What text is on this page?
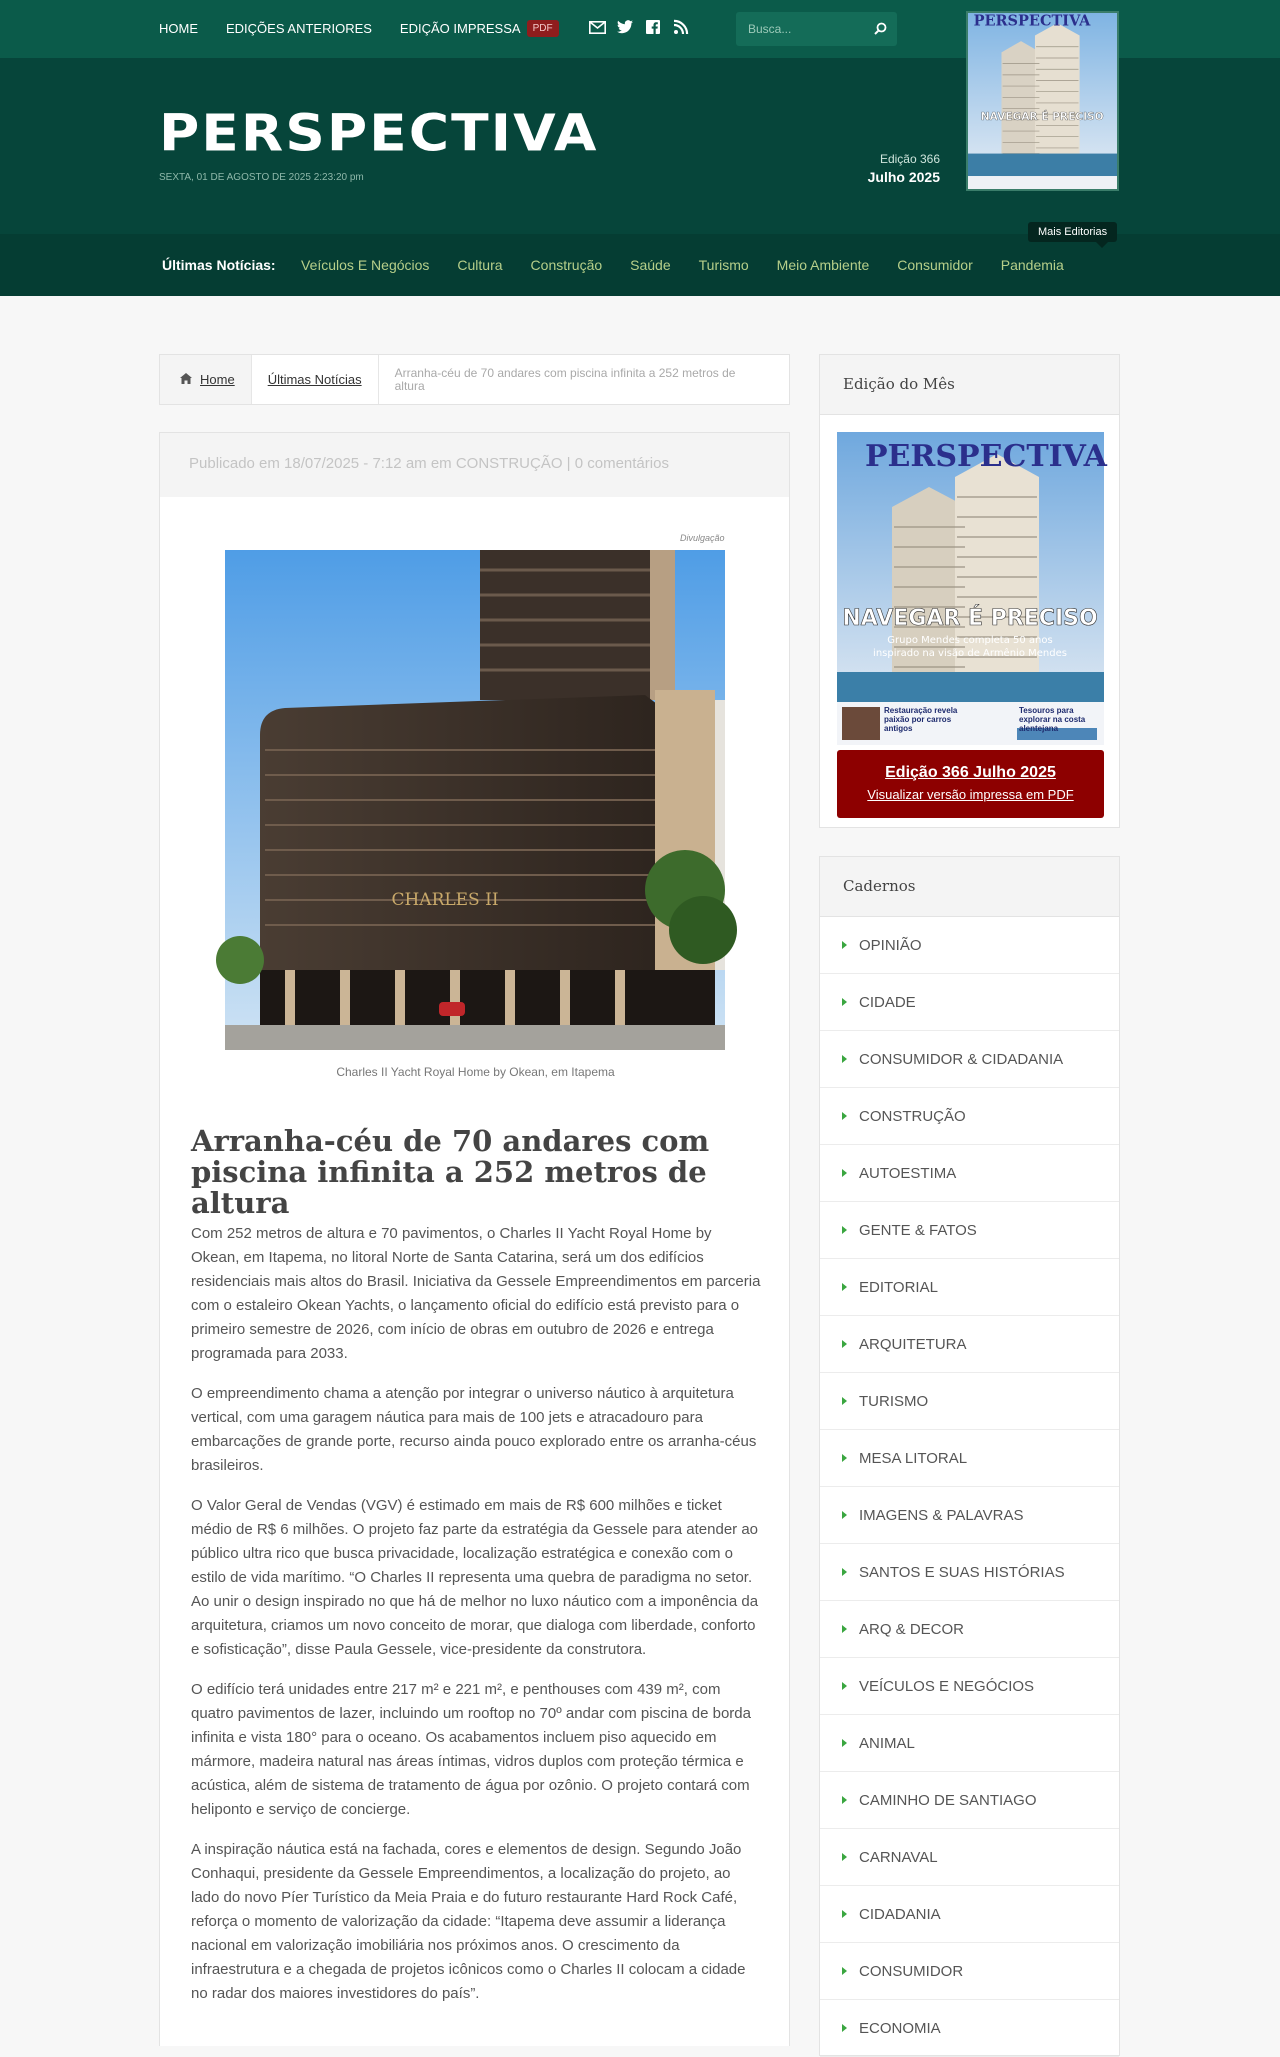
HOME EDIÇÕES ANTERIORES EDIÇÃO IMPRESSA	PDF
Busca...
PERSPECTIVA
SEXTA, 01 DE AGOSTO DE 2025 2:23:20 pm
Edição 366
Julho 2025
PERSPECTIVA
NAVEGAR É PRECISO
Últimas Notícias: Veículos E Negócios Cultura Construção Saúde Turismo Meio Ambiente Consumidor Pandemia
Mais Editorias
Home	Últimas Notícias	Arranha-céu de 70 andares com piscina infinita a 252 metros de altura
Publicado em 18/07/2025 - 7:12 am em CONSTRUÇÃO | 0 comentários
Divulgação
CHARLES II
Charles II Yacht Royal Home by Okean, em Itapema
Arranha-céu de 70 andares com piscina infinita a 252 metros de altura

Com 252 metros de altura e 70 pavimentos, o Charles II Yacht Royal Home by Okean, em Itapema, no litoral Norte de Santa Catarina, será um dos edifícios residenciais mais altos do Brasil. Iniciativa da Gessele Empreendimentos em parceria com o estaleiro Okean Yachts, o lançamento oficial do edifício está previsto para o primeiro semestre de 2026, com início de obras em outubro de 2026 e entrega programada para 2033.

O empreendimento chama a atenção por integrar o universo náutico à arquitetura vertical, com uma garagem náutica para mais de 100 jets e atracadouro para embarcações de grande porte, recurso ainda pouco explorado entre os arranha-céus brasileiros.

O Valor Geral de Vendas (VGV) é estimado em mais de R$ 600 milhões e ticket médio de R$ 6 milhões. O projeto faz parte da estratégia da Gessele para atender ao público ultra rico que busca privacidade, localização estratégica e conexão com o estilo de vida marítimo. “O Charles II representa uma quebra de paradigma no setor. Ao unir o design inspirado no que há de melhor no luxo náutico com a imponência da arquitetura, criamos um novo conceito de morar, que dialoga com liberdade, conforto e sofisticação”, disse Paula Gessele, vice-presidente da construtora.

O edifício terá unidades entre 217 m² e 221 m², e penthouses com 439 m², com quatro pavimentos de lazer, incluindo um rooftop no 70º andar com piscina de borda infinita e vista 180° para o oceano. Os acabamentos incluem piso aquecido em mármore, madeira natural nas áreas íntimas, vidros duplos com proteção térmica e acústica, além de sistema de tratamento de água por ozônio. O projeto contará com heliponto e serviço de concierge.

A inspiração náutica está na fachada, cores e elementos de design. Segundo João Conhaqui, presidente da Gessele Empreendimentos, a localização do projeto, ao lado do novo Píer Turístico da Meia Praia e do futuro restaurante Hard Rock Café, reforça o momento de valorização da cidade: “Itapema deve assumir a liderança nacional em valorização imobiliária nos próximos anos. O crescimento da infraestrutura e a chegada de projetos icônicos como o Charles II colocam a cidade no radar dos maiores investidores do país”.

Edição do Mês
PERSPECTIVA
NAVEGAR É PRECISO
Grupo Mendes completa 50 anos
inspirado na visão de Armênio Mendes
Restauração revela paixão por carros antigos
Tesouros para explorar na costa alentejana
Edição 366 Julho 2025
Visualizar versão impressa em PDF
Cadernos
OPINIÃO
CIDADE
CONSUMIDOR & CIDADANIA
CONSTRUÇÃO
AUTOESTIMA
GENTE & FATOS
EDITORIAL
ARQUITETURA
TURISMO
MESA LITORAL
IMAGENS & PALAVRAS
SANTOS E SUAS HISTÓRIAS
ARQ & DECOR
VEÍCULOS E NEGÓCIOS
ANIMAL
CAMINHO DE SANTIAGO
CARNAVAL
CIDADANIA
CONSUMIDOR
ECONOMIA
